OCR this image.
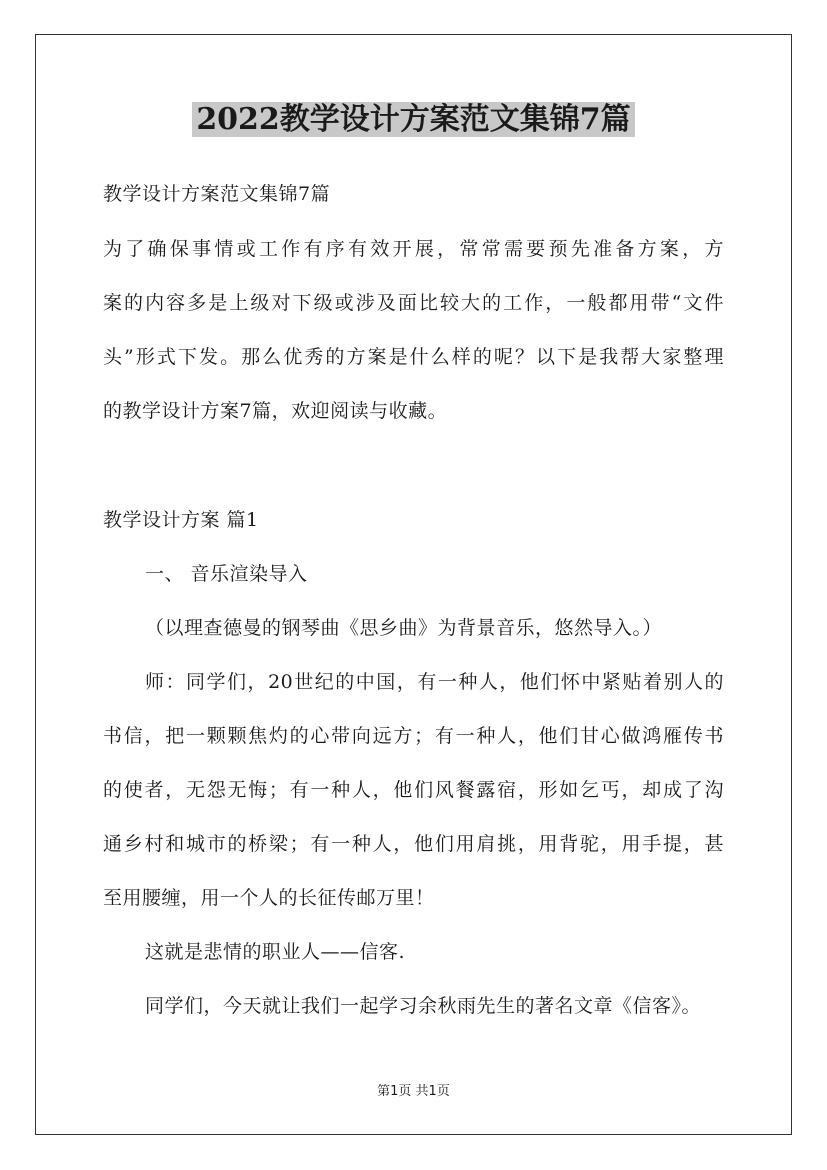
2022教学设计方案范文集锦7篇
教学设计方案范文集锦7篇
为了确保事情或工作有序有效开展，常常需要预先准备方案，方
案的内容多是上级对下级或涉及面比较大的工作，一般都用带“文件
头”形式下发。那么优秀的方案是什么样的呢？以下是我帮大家整理
的教学设计方案7篇，欢迎阅读与收藏。
教学设计方案 篇1
一、 音乐渲染导入
（以理查德曼的钢琴曲《思乡曲》为背景音乐，悠然导入。）
师：同学们，20世纪的中国，有一种人，他们怀中紧贴着别人的
书信，把一颗颗焦灼的心带向远方；有一种人，他们甘心做鸿雁传书
的使者，无怨无悔；有一种人，他们风餐露宿，形如乞丐，却成了沟
通乡村和城市的桥梁；有一种人，他们用肩挑，用背驼，用手提，甚
至用腰缠，用一个人的长征传邮万里！
这就是悲情的职业人——信客.
同学们，今天就让我们一起学习余秋雨先生的著名文章《信客》。
第1页 共1页
